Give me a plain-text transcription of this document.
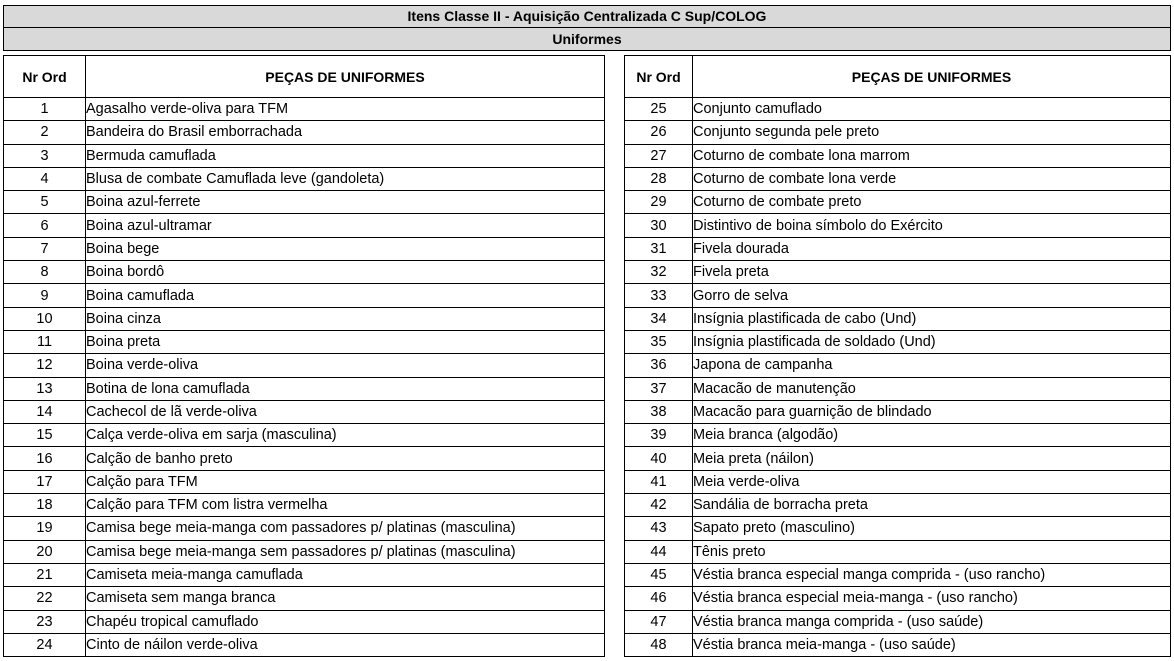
Itens Classe II - Aquisição Centralizada C Sup/COLOG
Uniformes
Nr Ord	PEÇAS DE UNIFORMES
1	Agasalho verde-oliva para TFM
2	Bandeira do Brasil emborrachada
3	Bermuda camuflada
4	Blusa de combate Camuflada leve (gandoleta)
5	Boina azul-ferrete
6	Boina azul-ultramar
7	Boina bege
8	Boina bordô
9	Boina camuflada
10	Boina cinza
11	Boina preta
12	Boina verde-oliva
13	Botina de lona camuflada
14	Cachecol de lã verde-oliva
15	Calça verde-oliva em sarja (masculina)
16	Calção de banho preto
17	Calção para TFM
18	Calção para TFM com listra vermelha
19	Camisa bege meia-manga com passadores p/ platinas (masculina)
20	Camisa bege meia-manga sem passadores p/ platinas (masculina)
21	Camiseta meia-manga camuflada
22	Camiseta sem manga branca
23	Chapéu tropical camuflado
24	Cinto de náilon verde-oliva
Nr Ord	PEÇAS DE UNIFORMES
25	Conjunto camuflado
26	Conjunto segunda pele preto
27	Coturno de combate lona marrom
28	Coturno de combate lona verde
29	Coturno de combate preto
30	Distintivo de boina símbolo do Exército
31	Fivela dourada
32	Fivela preta
33	Gorro de selva
34	Insígnia plastificada de cabo (Und)
35	Insígnia plastificada de soldado (Und)
36	Japona de campanha
37	Macacão de manutenção
38	Macacão para guarnição de blindado
39	Meia branca (algodão)
40	Meia preta (náilon)
41	Meia verde-oliva
42	Sandália de borracha preta
43	Sapato preto (masculino)
44	Tênis preto
45	Véstia branca especial manga comprida - (uso rancho)
46	Véstia branca especial meia-manga - (uso rancho)
47	Véstia branca manga comprida - (uso saúde)
48	Véstia branca meia-manga - (uso saúde)
